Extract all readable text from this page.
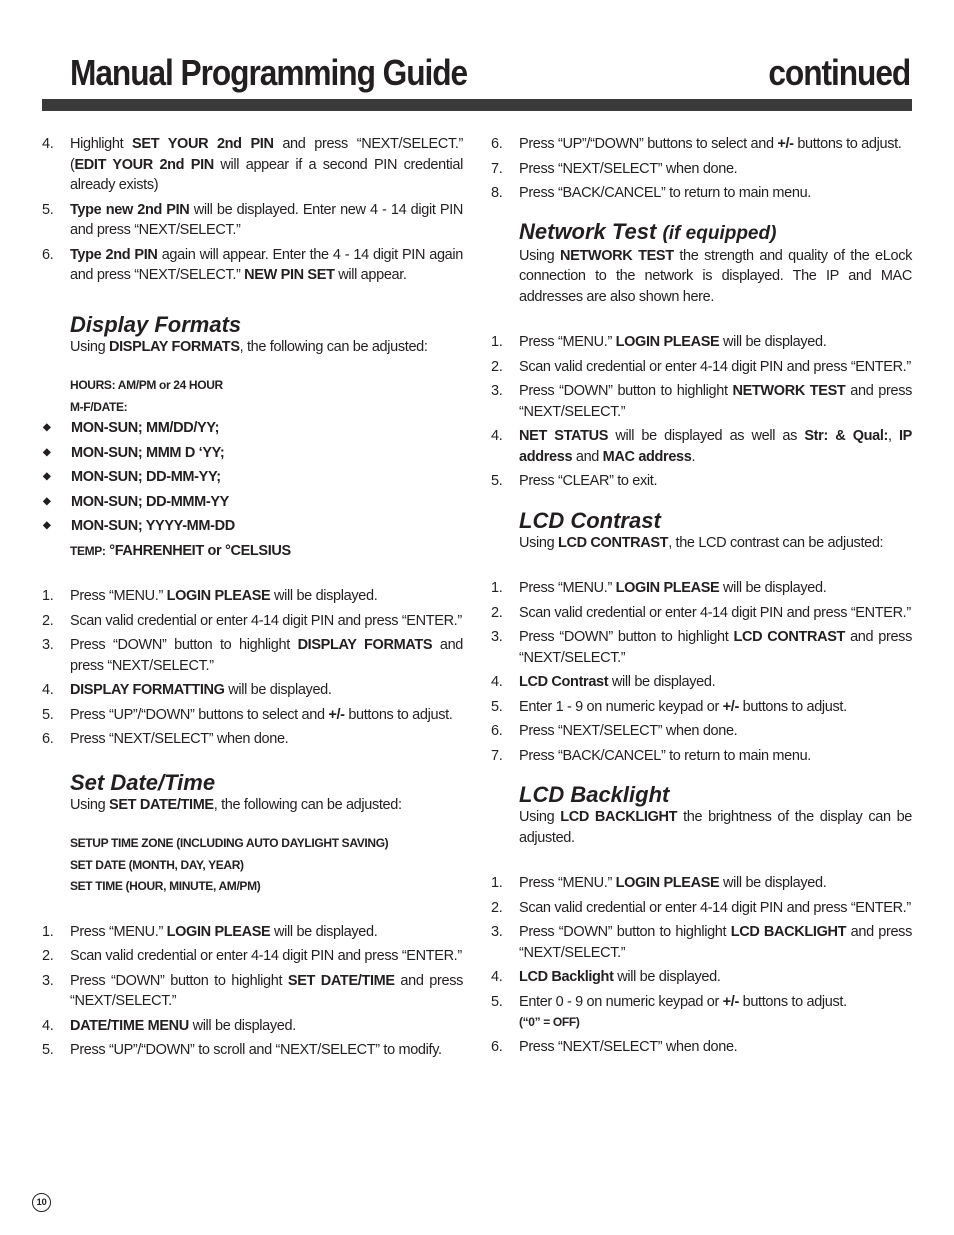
Manual Programming Guide	continued
4.	Highlight SET YOUR 2nd PIN and press “NEXT/SELECT.” (EDIT YOUR 2nd PIN will appear if a second PIN credential already exists)
5.	Type new 2nd PIN will be displayed. Enter new 4 - 14 digit PIN and press “NEXT/SELECT.”
6.	Type 2nd PIN again will appear. Enter the 4 - 14 digit PIN again and press “NEXT/SELECT.” NEW PIN SET will appear.
Display Formats
Using DISPLAY FORMATS, the following can be adjusted:
HOURS: AM/PM or 24 HOUR
M-F/DATE:
◆	MON-SUN; MM/DD/YY;
◆	MON-SUN; MMM D ‘YY;
◆	MON-SUN; DD-MM-YY;
◆	MON-SUN; DD-MMM-YY
◆	MON-SUN; YYYY-MM-DD
TEMP: °FAHRENHEIT or °CELSIUS
1.	Press “MENU.” LOGIN PLEASE will be displayed.
2.	Scan valid credential or enter 4-14 digit PIN and press “ENTER.”
3.	Press “DOWN” button to highlight DISPLAY FORMATS and press “NEXT/SELECT.”
4.	DISPLAY FORMATTING will be displayed.
5.	Press “UP”/“DOWN” buttons to select and +/- buttons to adjust.
6.	Press “NEXT/SELECT” when done.
Set Date/Time
Using SET DATE/TIME, the following can be adjusted:
SETUP TIME ZONE (INCLUDING AUTO DAYLIGHT SAVING)
SET DATE (MONTH, DAY, YEAR)
SET TIME (HOUR, MINUTE, AM/PM)
1.	Press “MENU.” LOGIN PLEASE will be displayed.
2.	Scan valid credential or enter 4-14 digit PIN and press “ENTER.”
3.	Press “DOWN” button to highlight SET DATE/TIME and press “NEXT/SELECT.”
4.	DATE/TIME MENU will be displayed.
5.	Press “UP”/“DOWN” to scroll and “NEXT/SELECT” to modify.
6.	Press “UP”/“DOWN” buttons to select and +/- buttons to adjust.
7.	Press “NEXT/SELECT” when done.
8.	Press “BACK/CANCEL” to return to main menu.
Network Test (if equipped)
Using NETWORK TEST the strength and quality of the eLock connection to the network is displayed. The IP and MAC addresses are also shown here.
1.	Press “MENU.” LOGIN PLEASE will be displayed.
2.	Scan valid credential or enter 4-14 digit PIN and press “ENTER.”
3.	Press “DOWN” button to highlight NETWORK TEST and press “NEXT/SELECT.”
4.	NET STATUS will be displayed as well as Str: & Qual:, IP address and MAC address.
5.	Press “CLEAR” to exit.
LCD Contrast
Using LCD CONTRAST, the LCD contrast can be adjusted:
1.	Press “MENU.” LOGIN PLEASE will be displayed.
2.	Scan valid credential or enter 4-14 digit PIN and press “ENTER.”
3.	Press “DOWN” button to highlight LCD CONTRAST and press “NEXT/SELECT.”
4.	LCD Contrast will be displayed.
5.	Enter 1 - 9 on numeric keypad or +/- buttons to adjust.
6.	Press “NEXT/SELECT” when done.
7.	Press “BACK/CANCEL” to return to main menu.
LCD Backlight
Using LCD BACKLIGHT the brightness of the display can be adjusted.
1.	Press “MENU.” LOGIN PLEASE will be displayed.
2.	Scan valid credential or enter 4-14 digit PIN and press “ENTER.”
3.	Press “DOWN” button to highlight LCD BACKLIGHT and press “NEXT/SELECT.”
4.	LCD Backlight will be displayed.
5.	Enter 0 - 9 on numeric keypad or +/- buttons to adjust.
(“0” = OFF)
6.	Press “NEXT/SELECT” when done.
10
